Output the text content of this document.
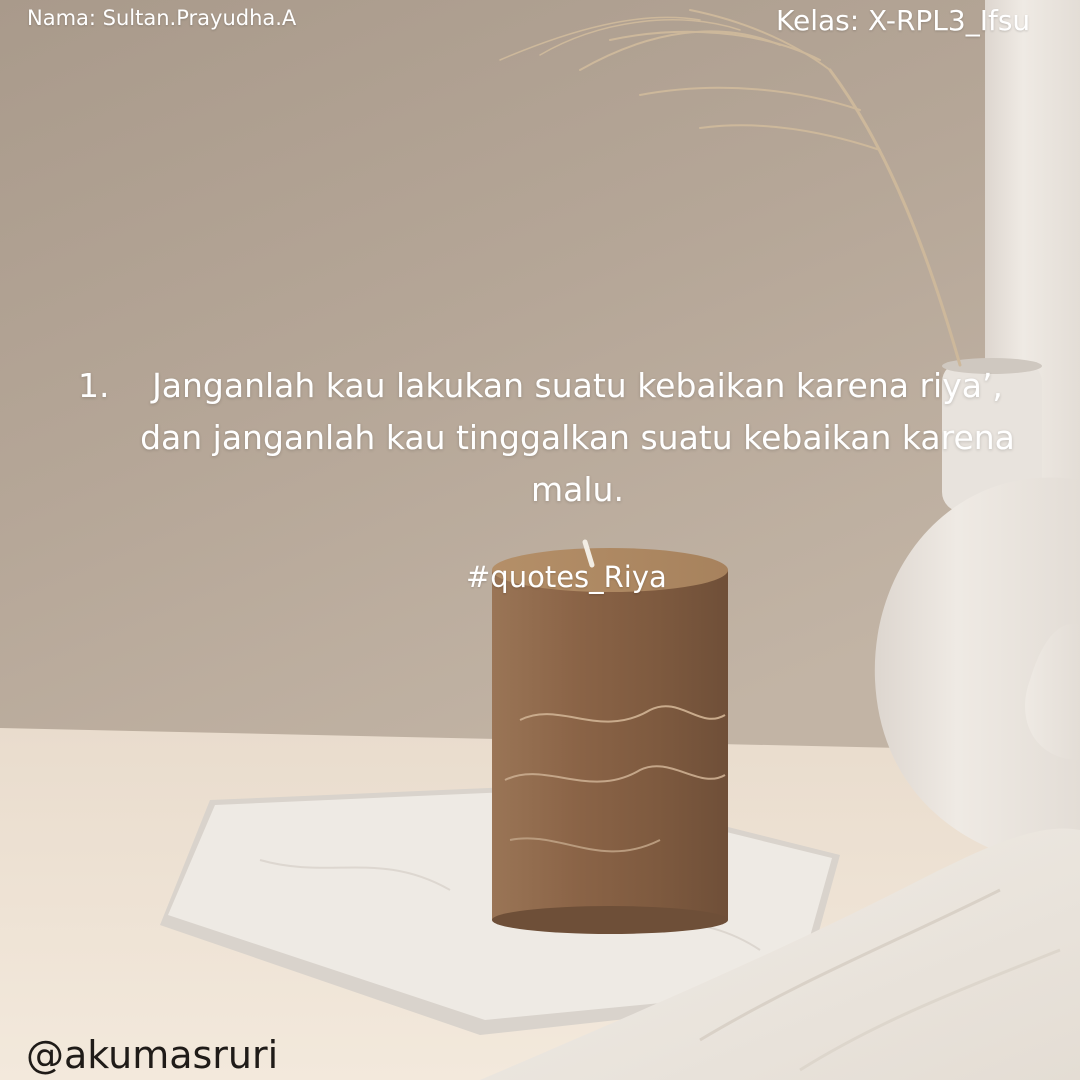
Nama: Sultan.Prayudha.A	Kelas: X-RPL3_Ifsu
1.	Janganlah kau lakukan suatu kebaikan karena riya’, dan janganlah kau tinggalkan suatu kebaikan karena malu.
#quotes_Riya
@akumasruri
